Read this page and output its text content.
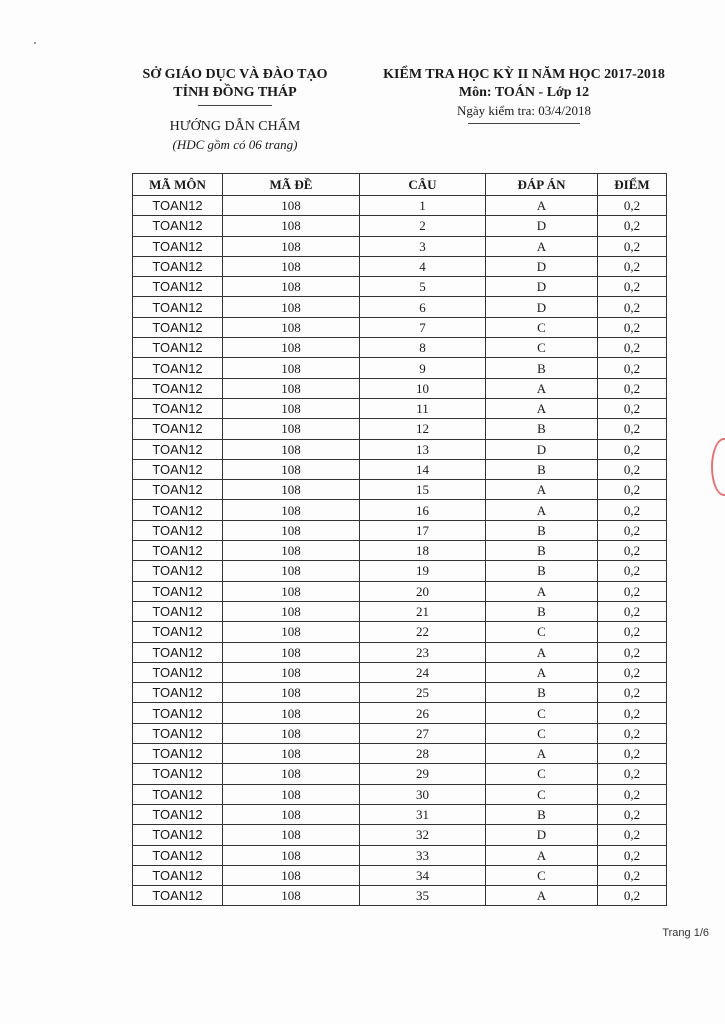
SỞ GIÁO DỤC VÀ ĐÀO TẠO
TỈNH ĐỒNG THÁP
HƯỚNG DẪN CHẤM
(HDC gồm có 06 trang)
KIỂM TRA HỌC KỲ II NĂM HỌC 2017-2018
Môn: TOÁN - Lớp 12
Ngày kiểm tra: 03/4/2018
MÃ MÔN	MÃ ĐỀ	CÂU	ĐÁP ÁN	ĐIỂM
TOAN12	108	1	A	0,2
TOAN12	108	2	D	0,2
TOAN12	108	3	A	0,2
TOAN12	108	4	D	0,2
TOAN12	108	5	D	0,2
TOAN12	108	6	D	0,2
TOAN12	108	7	C	0,2
TOAN12	108	8	C	0,2
TOAN12	108	9	B	0,2
TOAN12	108	10	A	0,2
TOAN12	108	11	A	0,2
TOAN12	108	12	B	0,2
TOAN12	108	13	D	0,2
TOAN12	108	14	B	0,2
TOAN12	108	15	A	0,2
TOAN12	108	16	A	0,2
TOAN12	108	17	B	0,2
TOAN12	108	18	B	0,2
TOAN12	108	19	B	0,2
TOAN12	108	20	A	0,2
TOAN12	108	21	B	0,2
TOAN12	108	22	C	0,2
TOAN12	108	23	A	0,2
TOAN12	108	24	A	0,2
TOAN12	108	25	B	0,2
TOAN12	108	26	C	0,2
TOAN12	108	27	C	0,2
TOAN12	108	28	A	0,2
TOAN12	108	29	C	0,2
TOAN12	108	30	C	0,2
TOAN12	108	31	B	0,2
TOAN12	108	32	D	0,2
TOAN12	108	33	A	0,2
TOAN12	108	34	C	0,2
TOAN12	108	35	A	0,2
Trang 1/6
